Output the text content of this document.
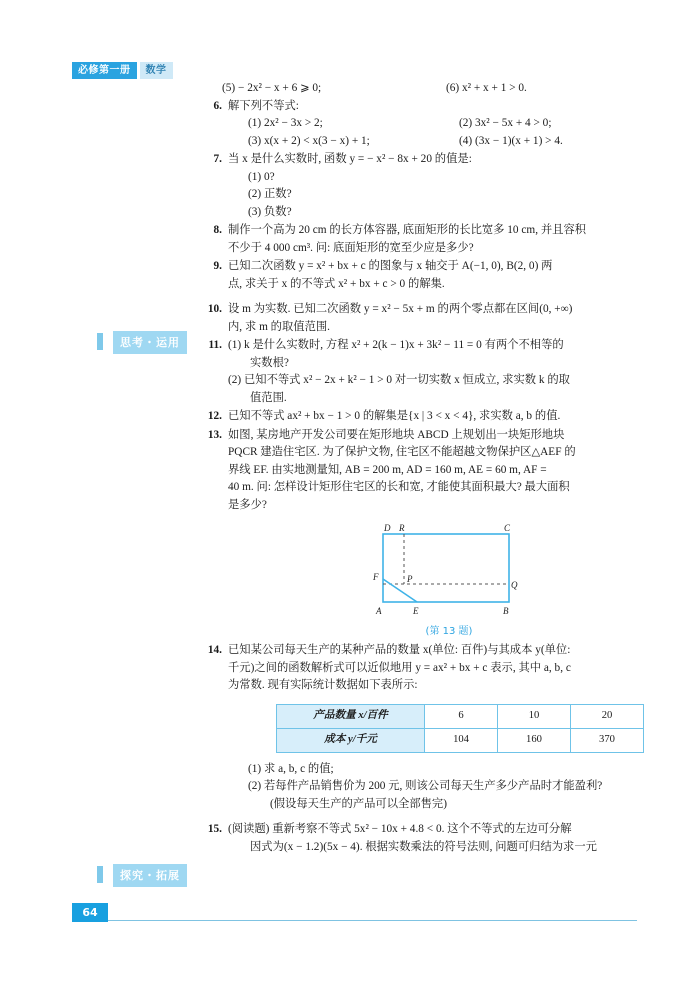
必修第一册	数学
思考・运用
探究・拓展
(5) − 2x² − x + 6 ⩾ 0;	(6) x² + x + 1 > 0.
6. 解下列不等式:
(1) 2x² − 3x > 2;	(2) 3x² − 5x + 4 > 0;
(3) x(x + 2) < x(3 − x) + 1;	(4) (3x − 1)(x + 1) > 4.
7. 当 x 是什么实数时, 函数 y = − x² − 8x + 20 的值是:
(1) 0?
(2) 正数?
(3) 负数?
8. 制作一个高为 20 cm 的长方体容器, 底面矩形的长比宽多 10 cm, 并且容积
不少于 4 000 cm³. 问: 底面矩形的宽至少应是多少?
9. 已知二次函数 y = x² + bx + c 的图象与 x 轴交于 A(−1, 0), B(2, 0) 两
点, 求关于 x 的不等式 x² + bx + c > 0 的解集.
10. 设 m 为实数. 已知二次函数 y = x² − 5x + m 的两个零点都在区间(0, +∞)
内, 求 m 的取值范围.
11. (1) k 是什么实数时, 方程 x² + 2(k − 1)x + 3k² − 11 = 0 有两个不相等的
实数根?
(2) 已知不等式 x² − 2x + k² − 1 > 0 对一切实数 x 恒成立, 求实数 k 的取
值范围.
12. 已知不等式 ax² + bx − 1 > 0 的解集是{x | 3 < x < 4}, 求实数 a, b 的值.
13. 如图, 某房地产开发公司要在矩形地块 ABCD 上规划出一块矩形地块
PQCR 建造住宅区. 为了保护文物, 住宅区不能超越文物保护区△AEF 的
界线 EF. 由实地测量知, AB = 200 m, AD = 160 m, AE = 60 m, AF =
40 m. 问: 怎样设计矩形住宅区的长和宽, 才能使其面积最大? 最大面积
是多少?
D R	C
F	P
Q
A	E	B
(第 13 题)
14. 已知某公司每天生产的某种产品的数量 x(单位: 百件)与其成本 y(单位:
千元)之间的函数解析式可以近似地用 y = ax² + bx + c 表示, 其中 a, b, c
为常数. 现有实际统计数据如下表所示:
产品数量 x/百件	6	10	20
成本 y/千元	104	160	370
(1) 求 a, b, c 的值;
(2) 若每件产品销售价为 200 元, 则该公司每天生产多少产品时才能盈利?
(假设每天生产的产品可以全部售完)
15. (阅读题) 重新考察不等式 5x² − 10x + 4.8 < 0. 这个不等式的左边可分解
因式为(x − 1.2)(5x − 4). 根据实数乘法的符号法则, 问题可归结为求一元
64
